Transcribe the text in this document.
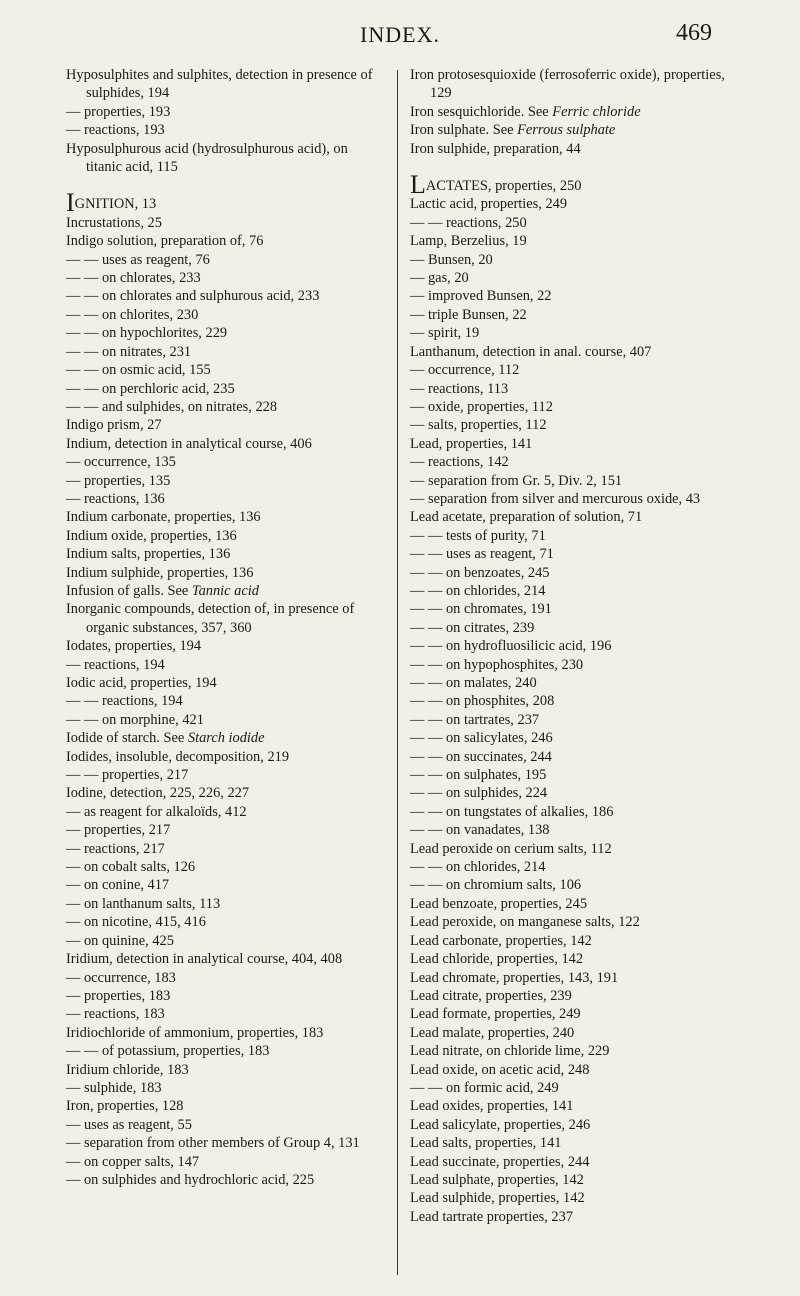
INDEX.	469
Hyposulphites and sulphites, detection in presence of sulphides, 194
— properties, 193
— reactions, 193
Hyposulphurous acid (hydrosulphurous acid), on titanic acid, 115
IGNITION, 13
Incrustations, 25
Indigo solution, preparation of, 76
— — uses as reagent, 76
— — on chlorates, 233
— — on chlorates and sulphurous acid, 233
— — on chlorites, 230
— — on hypochlorites, 229
— — on nitrates, 231
— — on osmic acid, 155
— — on perchloric acid, 235
— — and sulphides, on nitrates, 228
Indigo prism, 27
Indium, detection in analytical course, 406
— occurrence, 135
— properties, 135
— reactions, 136
Indium carbonate, properties, 136
Indium oxide, properties, 136
Indium salts, properties, 136
Indium sulphide, properties, 136
Infusion of galls. See Tannic acid
Inorganic compounds, detection of, in presence of organic substances, 357, 360
Iodates, properties, 194
— reactions, 194
Iodic acid, properties, 194
— — reactions, 194
— — on morphine, 421
Iodide of starch. See Starch iodide
Iodides, insoluble, decomposition, 219
— — properties, 217
Iodine, detection, 225, 226, 227
— as reagent for alkaloïds, 412
— properties, 217
— reactions, 217
— on cobalt salts, 126
— on conine, 417
— on lanthanum salts, 113
— on nicotine, 415, 416
— on quinine, 425
Iridium, detection in analytical course, 404, 408
— occurrence, 183
— properties, 183
— reactions, 183
Iridiochloride of ammonium, properties, 183
— — of potassium, properties, 183
Iridium chloride, 183
— sulphide, 183
Iron, properties, 128
— uses as reagent, 55
— separation from other members of Group 4, 131
— on copper salts, 147
— on sulphides and hydrochloric acid, 225
Iron protosesquioxide (ferrosoferric oxide), properties, 129
Iron sesquichloride. See Ferric chloride
Iron sulphate. See Ferrous sulphate
Iron sulphide, preparation, 44
LACTATES, properties, 250
Lactic acid, properties, 249
— — reactions, 250
Lamp, Berzelius, 19
— Bunsen, 20
— gas, 20
— improved Bunsen, 22
— triple Bunsen, 22
— spirit, 19
Lanthanum, detection in anal. course, 407
— occurrence, 112
— reactions, 113
— oxide, properties, 112
— salts, properties, 112
Lead, properties, 141
— reactions, 142
— separation from Gr. 5, Div. 2, 151
— separation from silver and mercurous oxide, 43
Lead acetate, preparation of solution, 71
— — tests of purity, 71
— — uses as reagent, 71
— — on benzoates, 245
— — on chlorides, 214
— — on chromates, 191
— — on citrates, 239
— — on hydrofluosilicic acid, 196
— — on hypophosphites, 230
— — on malates, 240
— — on phosphites, 208
— — on tartrates, 237
— — on salicylates, 246
— — on succinates, 244
— — on sulphates, 195
— — on sulphides, 224
— — on tungstates of alkalies, 186
— — on vanadates, 138
Lead peroxide on cerium salts, 112
— — on chlorides, 214
— — on chromium salts, 106
Lead benzoate, properties, 245
Lead peroxide, on manganese salts, 122
Lead carbonate, properties, 142
Lead chloride, properties, 142
Lead chromate, properties, 143, 191
Lead citrate, properties, 239
Lead formate, properties, 249
Lead malate, properties, 240
Lead nitrate, on chloride lime, 229
Lead oxide, on acetic acid, 248
— — on formic acid, 249
Lead oxides, properties, 141
Lead salicylate, properties, 246
Lead salts, properties, 141
Lead succinate, properties, 244
Lead sulphate, properties, 142
Lead sulphide, properties, 142
Lead tartrate properties, 237
